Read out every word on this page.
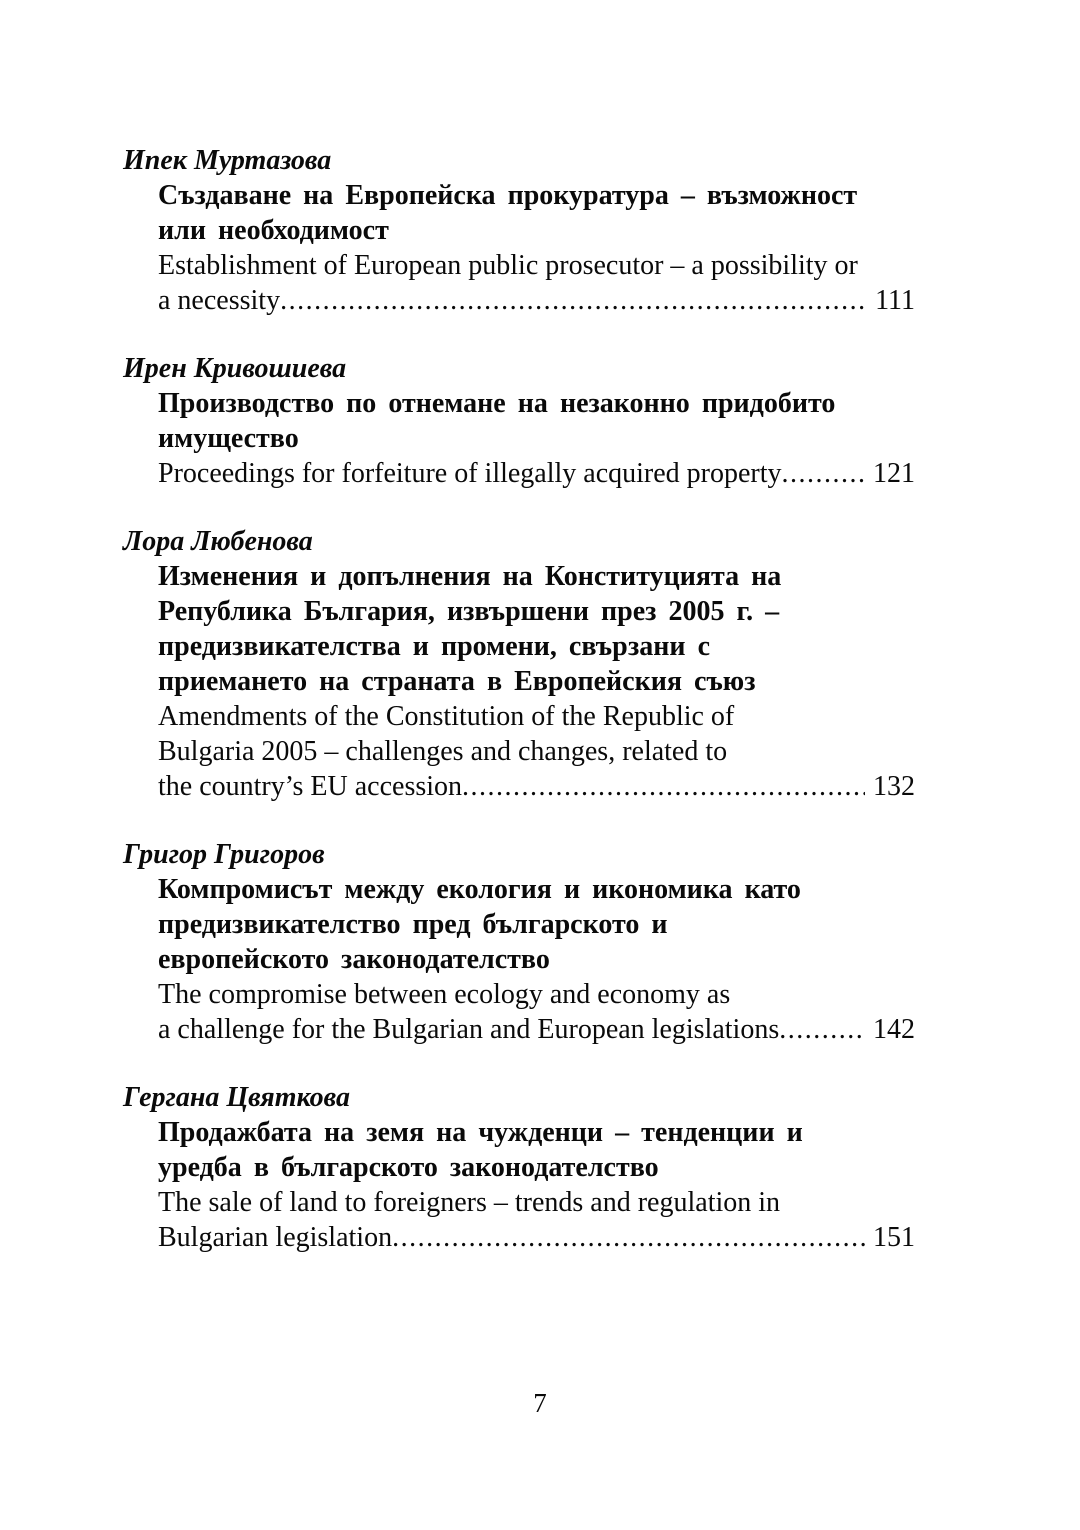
Ипек Муртазова
Създаване на Европейска прокуратура – възможност
или необходимост
Establishment of European public prosecutor – a possibility or
a necessity .....	111
Ирен Кривошиева
Производство по отнемане на незаконно придобито
имущество
Proceedings for forfeiture of illegally acquired property .....	121
Лора Любенова
Изменения и допълнения на Конституцията на
Република България, извършени през 2005 г. –
предизвикателства и промени, свързани с
приемането на страната в Европейския съюз
Amendments of the Constitution of the Republic of
Bulgaria 2005 – challenges and changes, related to
the country’s EU accession .....	132
Григор Григоров
Компромисът между екология и икономика като
предизвикателство пред българското и
европейското законодателство
The compromise between ecology and economy as
a challenge for the Bulgarian and European legislations .....	142
Гергана Цвяткова
Продажбата на земя на чужденци – тенденции и
уредба в българското законодателство
The sale of land to foreigners – trends and regulation in
Bulgarian legislation .....	151
7
